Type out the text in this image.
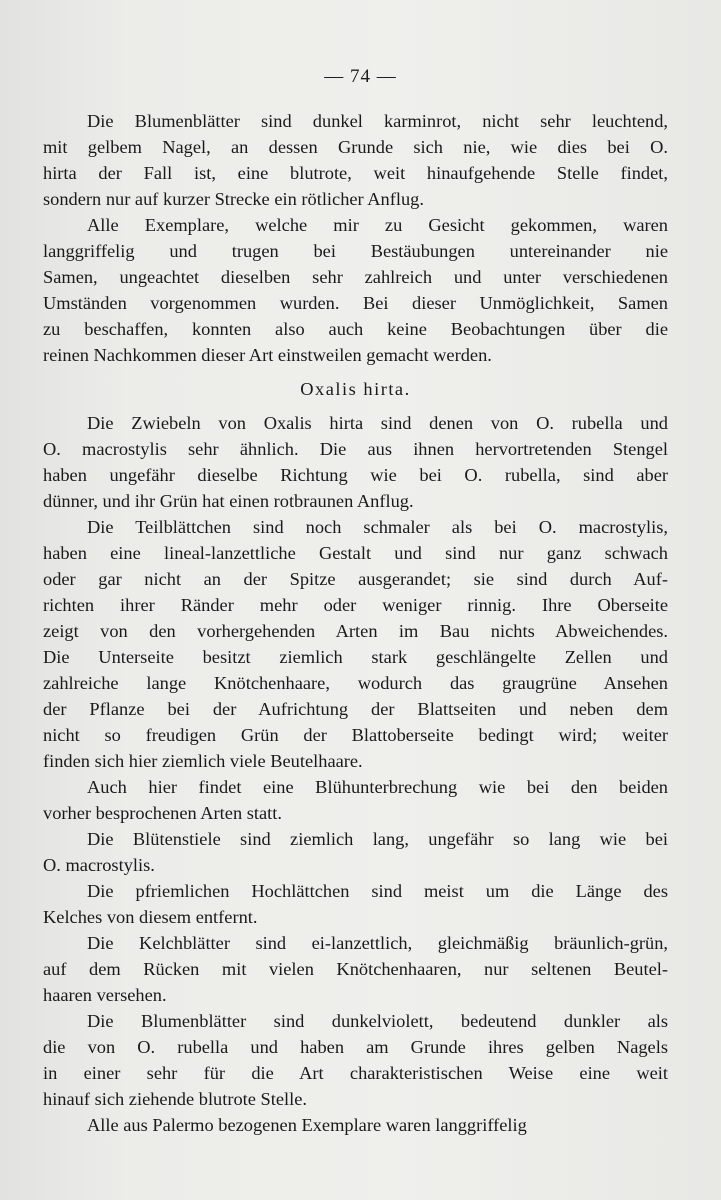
— 74 —
Die Blumenblätter sind dunkel karminrot, nicht sehr leuchtend,
mit gelbem Nagel, an dessen Grunde sich nie, wie dies bei O.
hirta der Fall ist, eine blutrote, weit hinaufgehende Stelle findet,
sondern nur auf kurzer Strecke ein rötlicher Anflug.
Alle Exemplare, welche mir zu Gesicht gekommen, waren
langgriffelig und trugen bei Bestäubungen untereinander nie
Samen, ungeachtet dieselben sehr zahlreich und unter verschiedenen
Umständen vorgenommen wurden. Bei dieser Unmöglichkeit, Samen
zu beschaffen, konnten also auch keine Beobachtungen über die
reinen Nachkommen dieser Art einstweilen gemacht werden.
Oxalis hirta.
Die Zwiebeln von Oxalis hirta sind denen von O. rubella und
O. macrostylis sehr ähnlich. Die aus ihnen hervortretenden Stengel
haben ungefähr dieselbe Richtung wie bei O. rubella, sind aber
dünner, und ihr Grün hat einen rotbraunen Anflug.
Die Teilblättchen sind noch schmaler als bei O. macrostylis,
haben eine lineal-lanzettliche Gestalt und sind nur ganz schwach
oder gar nicht an der Spitze ausgerandet; sie sind durch Auf-
richten ihrer Ränder mehr oder weniger rinnig. Ihre Oberseite
zeigt von den vorhergehenden Arten im Bau nichts Abweichendes.
Die Unterseite besitzt ziemlich stark geschlängelte Zellen und
zahlreiche lange Knötchenhaare, wodurch das graugrüne Ansehen
der Pflanze bei der Aufrichtung der Blattseiten und neben dem
nicht so freudigen Grün der Blattoberseite bedingt wird; weiter
finden sich hier ziemlich viele Beutelhaare.
Auch hier findet eine Blühunterbrechung wie bei den beiden
vorher besprochenen Arten statt.
Die Blütenstiele sind ziemlich lang, ungefähr so lang wie bei
O. macrostylis.
Die pfriemlichen Hochlättchen sind meist um die Länge des
Kelches von diesem entfernt.
Die Kelchblätter sind ei-lanzettlich, gleichmäßig bräunlich-grün,
auf dem Rücken mit vielen Knötchenhaaren, nur seltenen Beutel-
haaren versehen.
Die Blumenblätter sind dunkelviolett, bedeutend dunkler als
die von O. rubella und haben am Grunde ihres gelben Nagels
in einer sehr für die Art charakteristischen Weise eine weit
hinauf sich ziehende blutrote Stelle.
Alle aus Palermo bezogenen Exemplare waren langgriffelig
